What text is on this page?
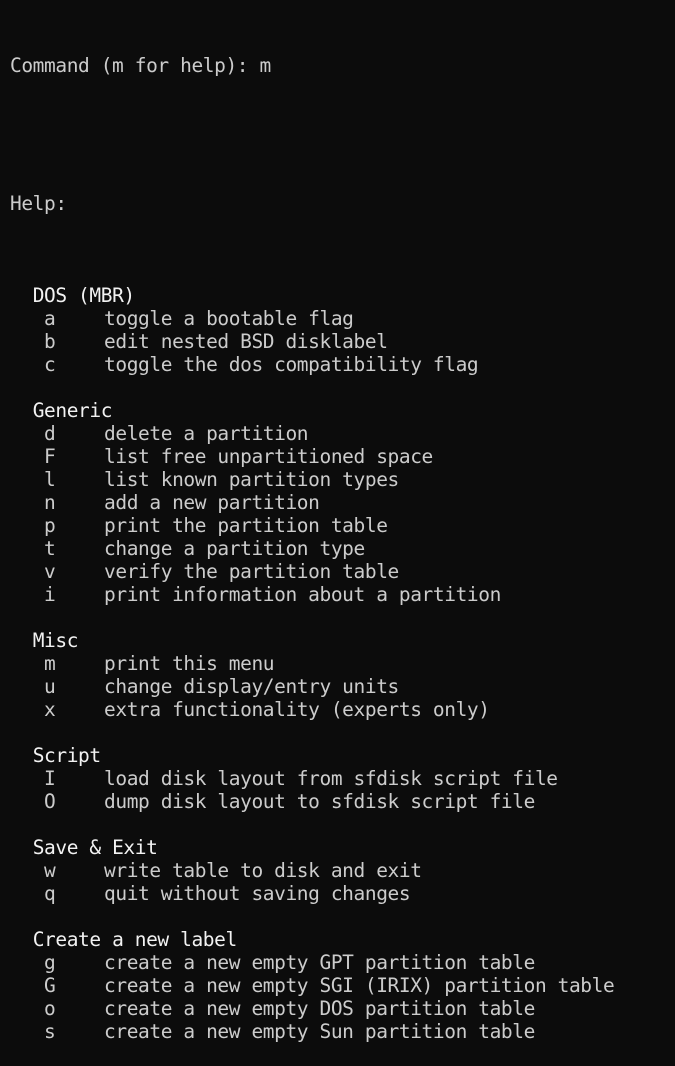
Command (m for help): m

Help:

DOS (MBR)
a toggle a bootable flag
b edit nested BSD disklabel
c toggle the dos compatibility flag

Generic
d delete a partition
F list free unpartitioned space
l list known partition types
n add a new partition
p print the partition table
t change a partition type
v verify the partition table
i print information about a partition

Misc
m print this menu
u change display/entry units
x extra functionality (experts only)

Script
I load disk layout from sfdisk script file
O dump disk layout to sfdisk script file

Save & Exit
w write table to disk and exit
q quit without saving changes

Create a new label
g create a new empty GPT partition table
G create a new empty SGI (IRIX) partition table
o create a new empty DOS partition table
s create a new empty Sun partition table
